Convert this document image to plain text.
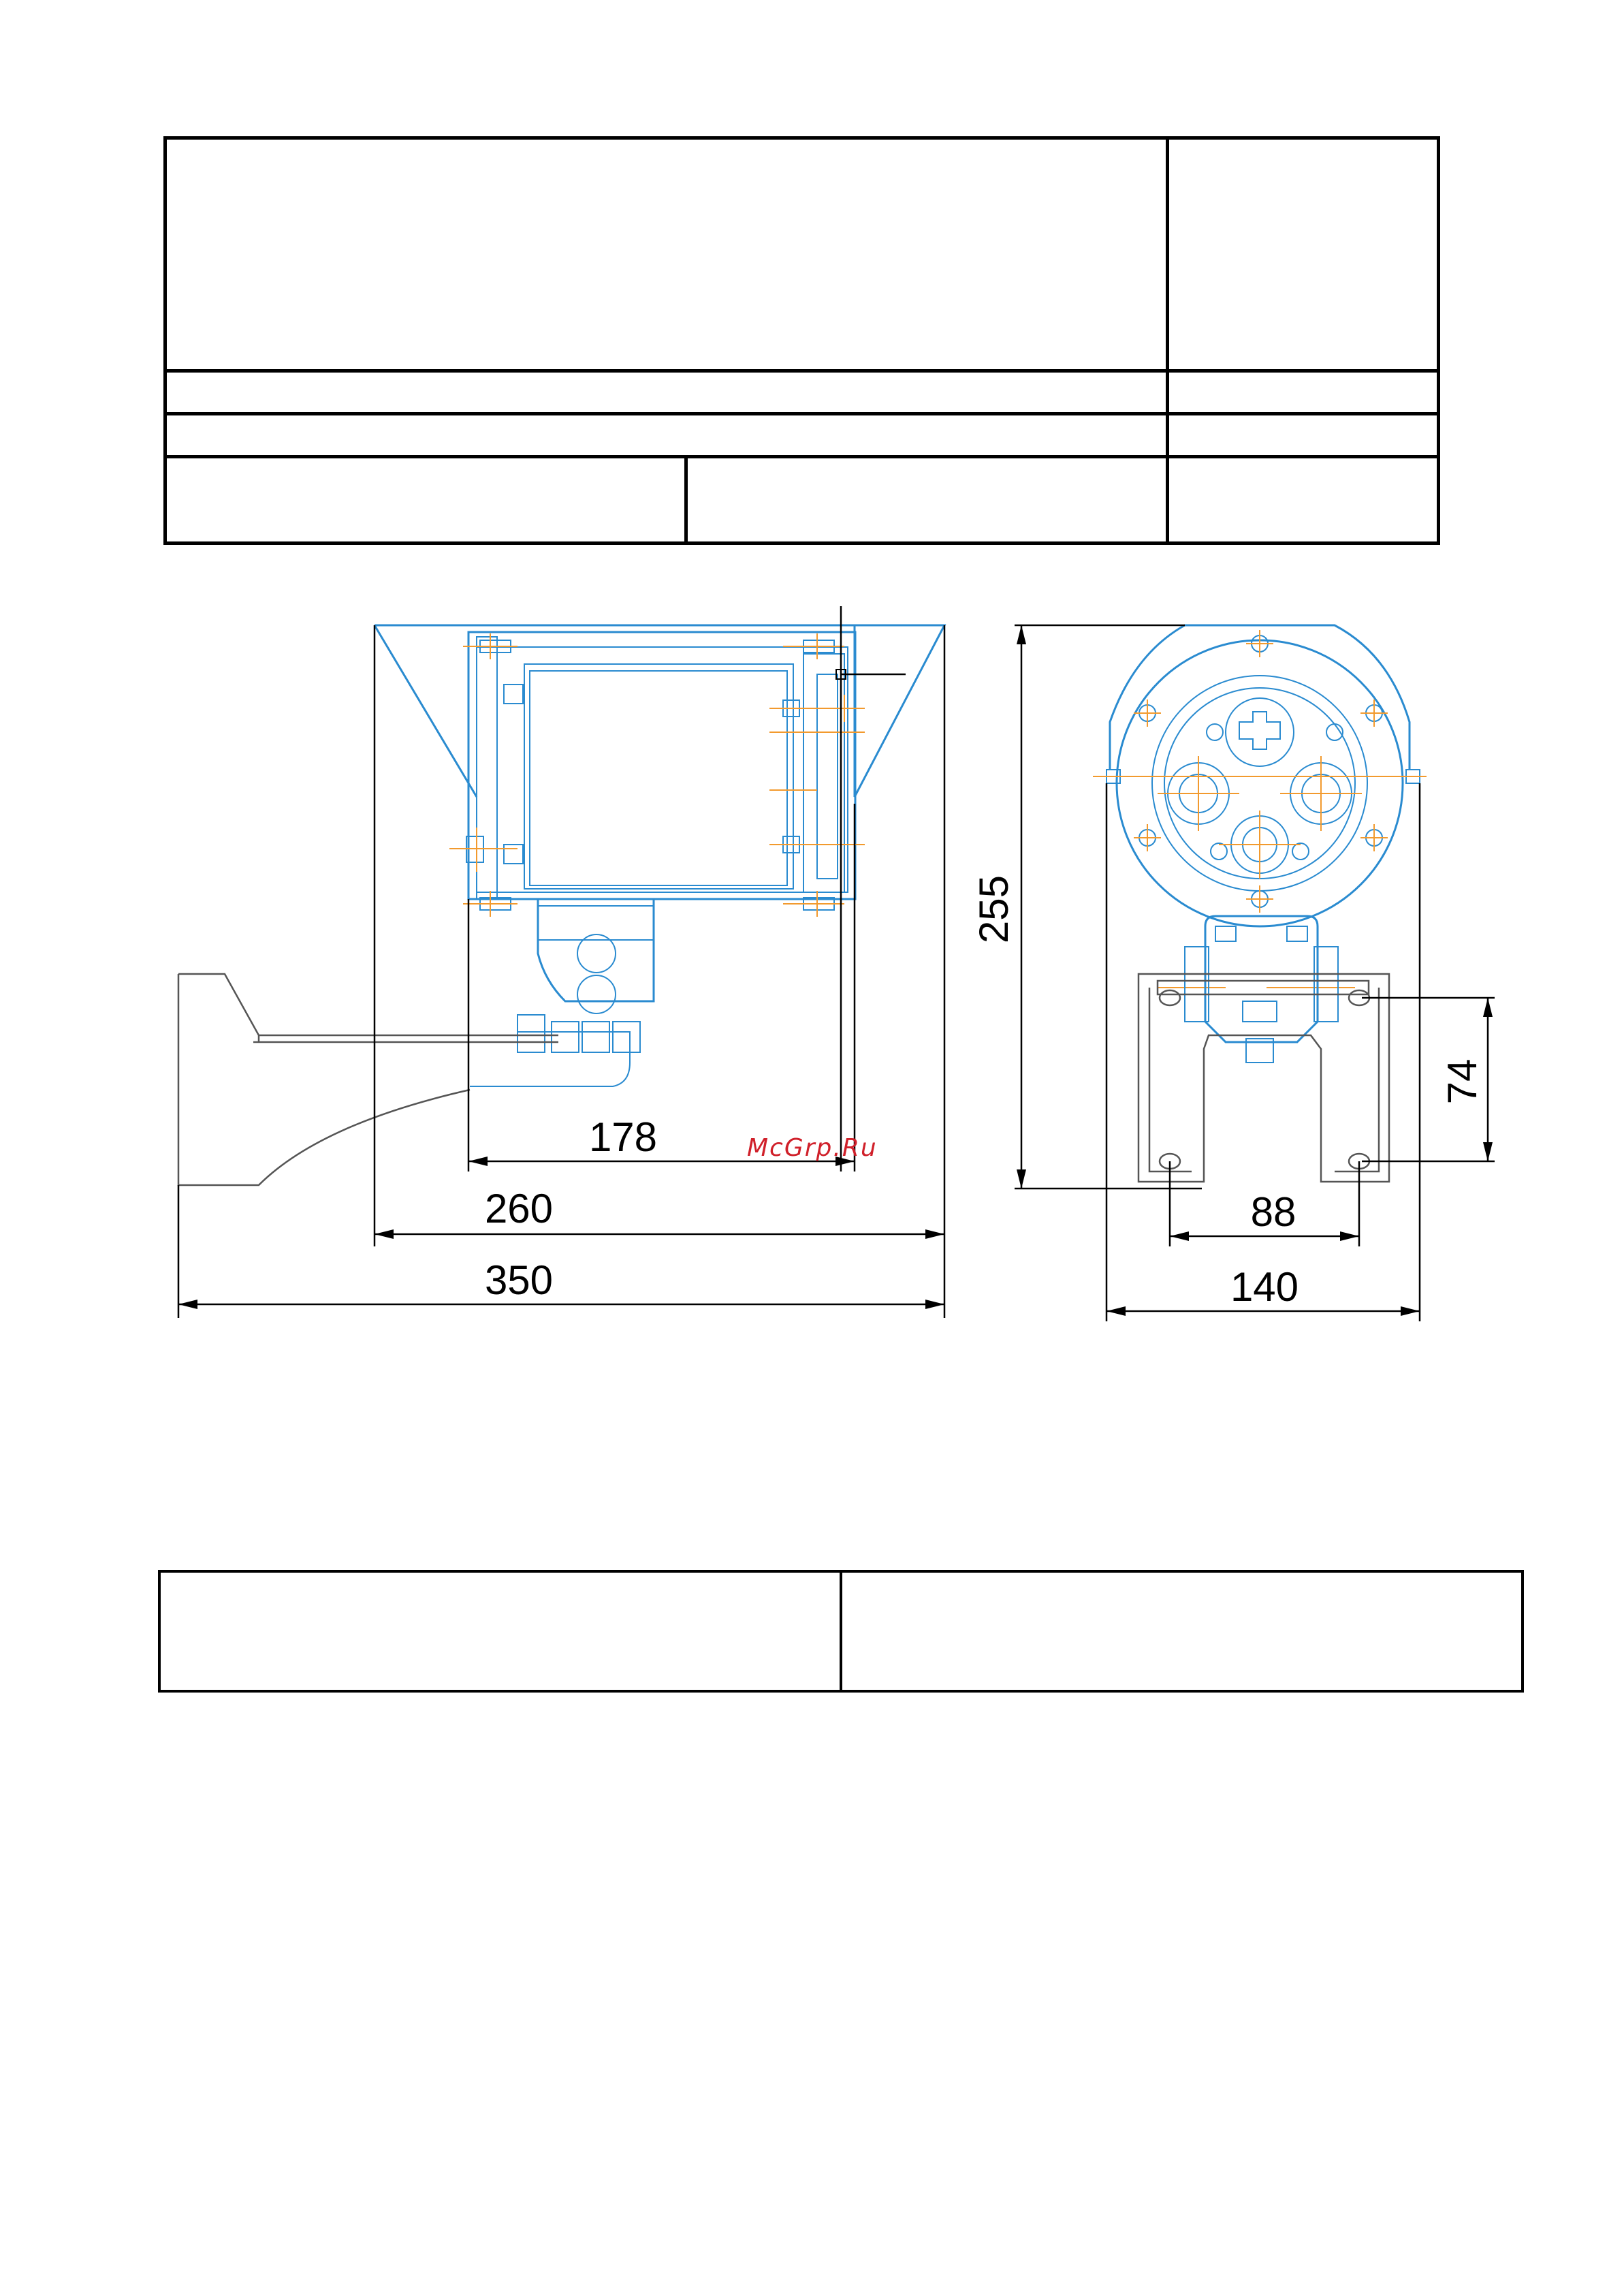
350
260
178
255
74
88
140
McGrp.Ru
